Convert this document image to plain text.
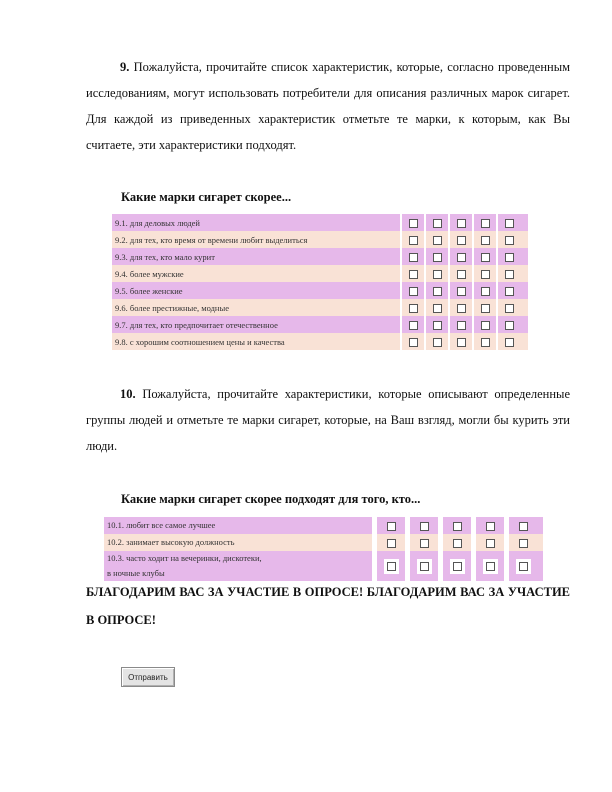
9. Пожалуйста, прочитайте список характеристик, которые, согласно проведенным исследованиям, могут использовать потребители для описания различных марок сигарет. Для каждой из приведенных характеристик отметьте те марки, к которым, как Вы считаете, эти характеристики подходят.
Какие марки сигарет скорее...
9.1. для деловых людей											
9.2. для тех, кто время от времени любит выделиться											
9.3. для тех, кто мало курит											
9.4. более мужские											
9.5. более женские											
9.6. более престижные, модные											
9.7. для тех, кто предпочитает отечественное											
9.8. с хорошим соотношением цены и качества											
10. Пожалуйста, прочитайте характеристики, которые описывают определенные группы людей и отметьте те марки сигарет, которые, на Ваш взгляд, могли бы курить эти люди.
Какие марки сигарет скорее подходят для того, кто...
10.1. любит все самое лучшее											

10.2. занимает высокую должность											

10.3. часто ходит на вечеринки, дискотеки,
в ночные клубы											

БЛАГОДАРИМ ВАС ЗА УЧАСТИЕ В ОПРОСЕ! БЛАГОДАРИМ ВАС ЗА УЧАСТИЕ В ОПРОСЕ!
Отправить
